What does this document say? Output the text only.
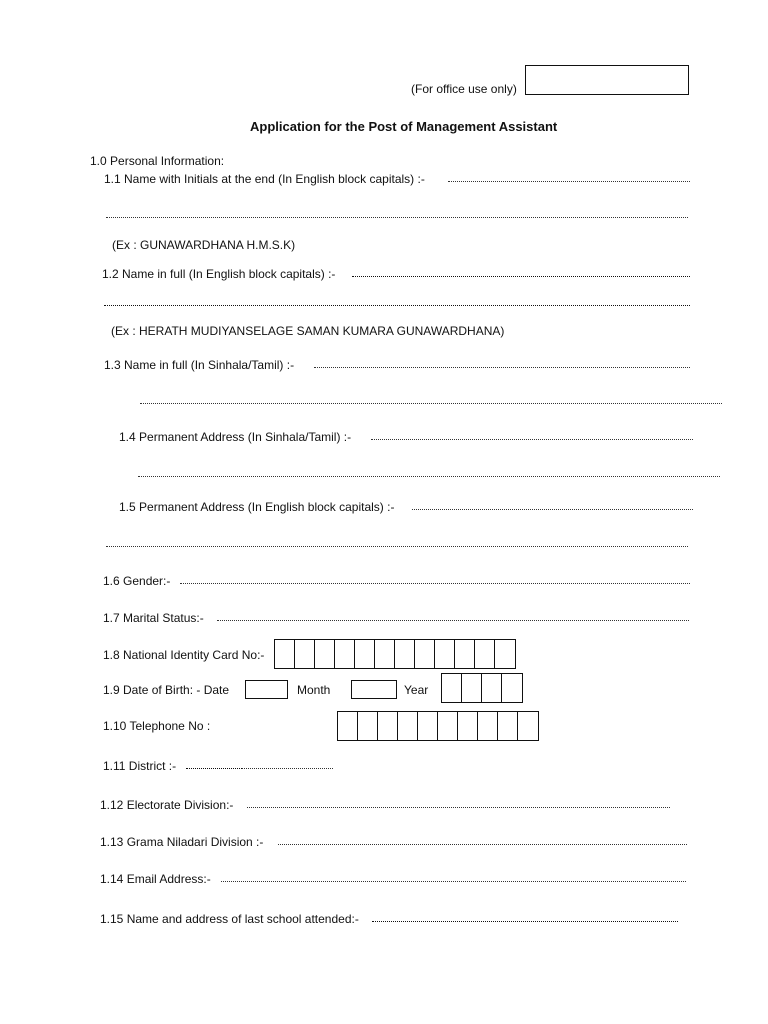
(For office use only)
Application for the Post of Management Assistant
1.0 Personal Information:
1.1 Name with Initials at the end (In English block capitals) :-
(Ex : GUNAWARDHANA H.M.S.K)
1.2 Name in full (In English block capitals) :-
(Ex : HERATH MUDIYANSELAGE SAMAN KUMARA GUNAWARDHANA)
1.3 Name in full (In Sinhala/Tamil) :-
1.4 Permanent Address (In Sinhala/Tamil) :-
1.5 Permanent Address (In English block capitals) :-
1.6 Gender:-
1.7 Marital Status:-
1.8 National Identity Card No:-
1.9 Date of Birth: - Date	Month	Year
1.10 Telephone No :
1.11 District :-
1.12 Electorate Division:-
1.13 Grama Niladari Division :-
1.14 Email Address:-
1.15 Name and address of last school attended:-
